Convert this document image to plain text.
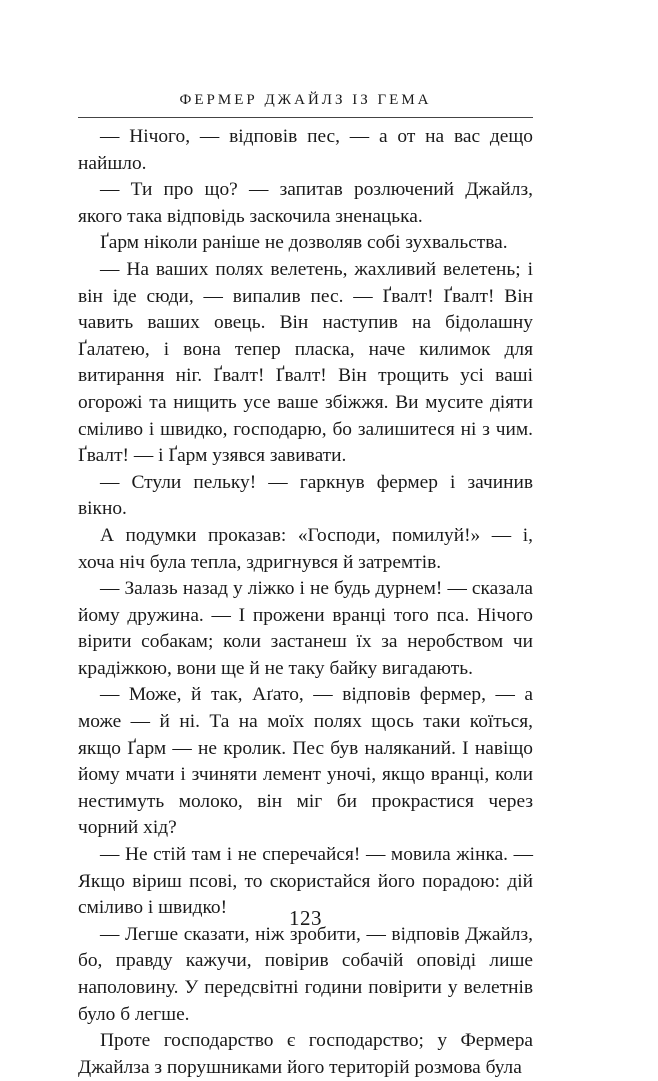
ФЕРМЕР ДЖАЙЛЗ ІЗ ГЕМА

— Нічого, — відповів пес, — а от на вас дещо найшло.

— Ти про що? — запитав розлючений Джайлз, якого така відповідь заскочила зненацька.

Ґарм ніколи раніше не дозволяв собі зухвальства.

— На ваших полях велетень, жахливий велетень; і він іде сюди, — випалив пес. — Ґвалт! Ґвалт! Він чавить ваших овець. Він наступив на бідолашну Ґалатею, і вона тепер пласка, наче килимок для витирання ніг. Ґвалт! Ґвалт! Він трощить усі ваші огорожі та нищить усе ваше збіжжя. Ви мусите діяти сміливо і швидко, господарю, бо залишитеся ні з чим. Ґвалт! — і Ґарм узявся завивати.

— Стули пельку! — гаркнув фермер і зачинив вікно.

А подумки проказав: «Господи, помилуй!» — і, хоча ніч була тепла, здригнувся й затремтів.

— Залазь назад у ліжко і не будь дурнем! — сказала йому дружина. — І прожени вранці того пса. Нічого вірити собакам; коли застанеш їх за неробством чи крадіжкою, вони ще й не таку байку вигадають.

— Може, й так, Аґато, — відповів фермер, — а може — й ні. Та на моїх полях щось таки коїться, якщо Ґарм — не кролик. Пес був наляканий. І навіщо йому мчати і зчиняти лемент уночі, якщо вранці, коли нестимуть молоко, він міг би прокрастися через чорний хід?

— Не стій там і не сперечайся! — мовила жінка. — Якщо віриш псові, то скористайся його порадою: дій сміливо і швидко!

— Легше сказати, ніж зробити, — відповів Джайлз, бо, правду кажучи, повірив собачій оповіді лише наполовину. У передсвітні години повірити у велетнів було б легше.

Проте господарство є господарство; у Фермера Джайлза з порушниками його територій розмова була

123
